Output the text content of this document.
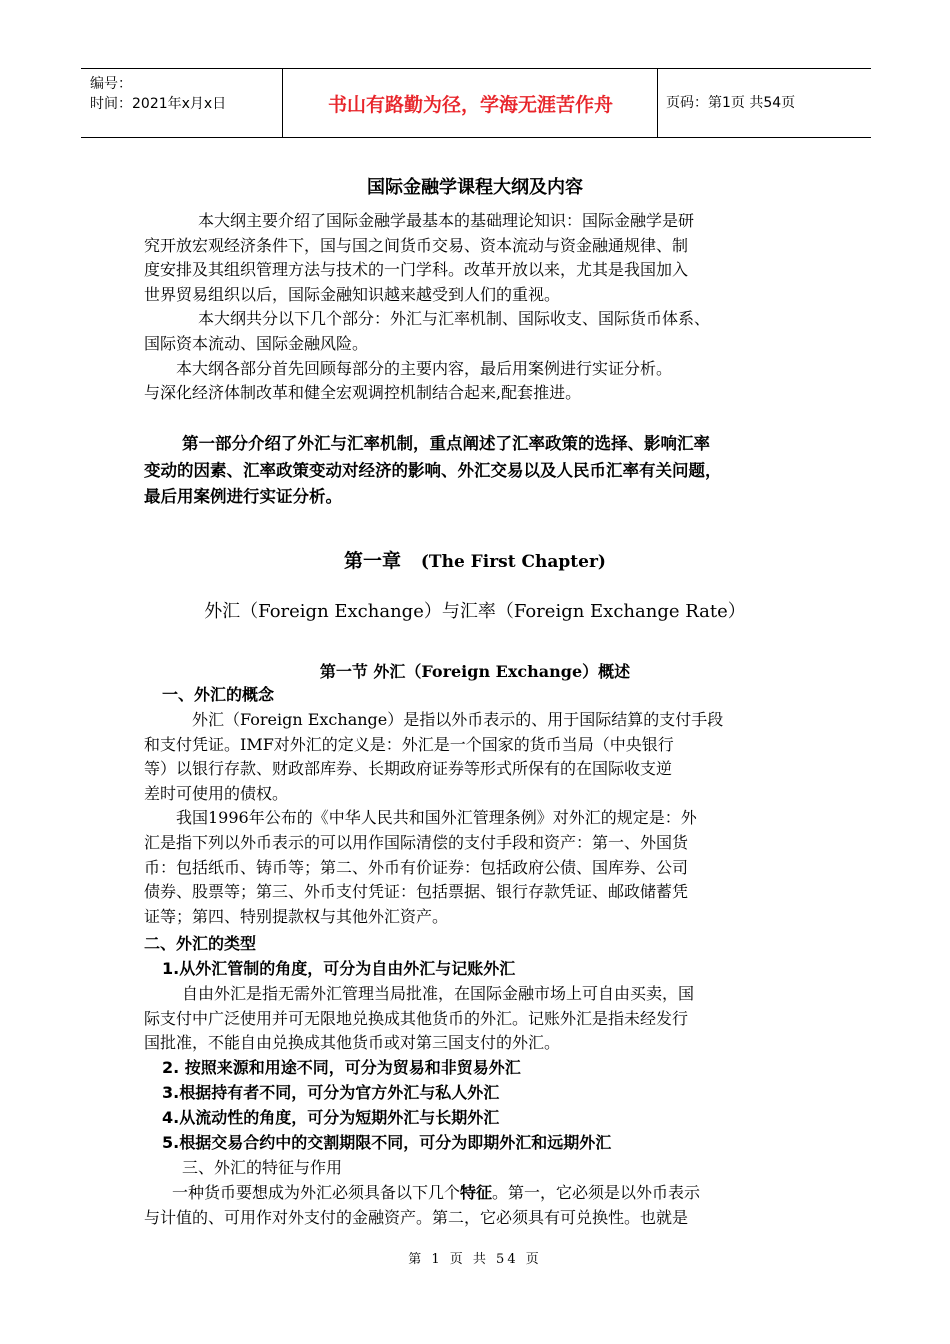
编号：
时间：2021年x月x日	书山有路勤为径，学海无涯苦作舟	页码：第1页 共54页
国际金融学课程大纲及内容
本大纲主要介绍了国际金融学最基本的基础理论知识：国际金融学是研
究开放宏观经济条件下，国与国之间货币交易、资本流动与资金融通规律、制
度安排及其组织管理方法与技术的一门学科。改革开放以来，尤其是我国加入
世界贸易组织以后，国际金融知识越来越受到人们的重视。
本大纲共分以下几个部分：外汇与汇率机制、国际收支、国际货币体系、
国际资本流动、国际金融风险。
本大纲各部分首先回顾每部分的主要内容，最后用案例进行实证分析。
与深化经济体制改革和健全宏观调控机制结合起来,配套推进。
第一部分介绍了外汇与汇率机制，重点阐述了汇率政策的选择、影响汇率
变动的因素、汇率政策变动对经济的影响、外汇交易以及人民币汇率有关问题，
最后用案例进行实证分析。
第一章 (The First Chapter)
外汇（Foreign Exchange）与汇率（Foreign Exchange Rate）
第一节 外汇（Foreign Exchange）概述
一、外汇的概念
外汇（Foreign Exchange）是指以外币表示的、用于国际结算的支付手段
和支付凭证。IMF对外汇的定义是：外汇是一个国家的货币当局（中央银行
等）以银行存款、财政部库券、长期政府证券等形式所保有的在国际收支逆
差时可使用的债权。
我国1996年公布的《中华人民共和国外汇管理条例》对外汇的规定是：外
汇是指下列以外币表示的可以用作国际清偿的支付手段和资产：第一、外国货
币：包括纸币、铸币等；第二、外币有价证券：包括政府公债、国库券、公司
债券、股票等；第三、外币支付凭证：包括票据、银行存款凭证、邮政储蓄凭
证等；第四、特别提款权与其他外汇资产。
二、外汇的类型
1.从外汇管制的角度，可分为自由外汇与记账外汇
自由外汇是指无需外汇管理当局批准，在国际金融市场上可自由买卖，国
际支付中广泛使用并可无限地兑换成其他货币的外汇。记账外汇是指未经发行
国批准，不能自由兑换成其他货币或对第三国支付的外汇。
2. 按照来源和用途不同，可分为贸易和非贸易外汇
3.根据持有者不同，可分为官方外汇与私人外汇
4.从流动性的角度，可分为短期外汇与长期外汇
5.根据交易合约中的交割期限不同，可分为即期外汇和远期外汇
三、外汇的特征与作用
一种货币要想成为外汇必须具备以下几个特征。第一，它必须是以外币表示
与计值的、可用作对外支付的金融资产。第二，它必须具有可兑换性。也就是
第 1 页 共 54 页
